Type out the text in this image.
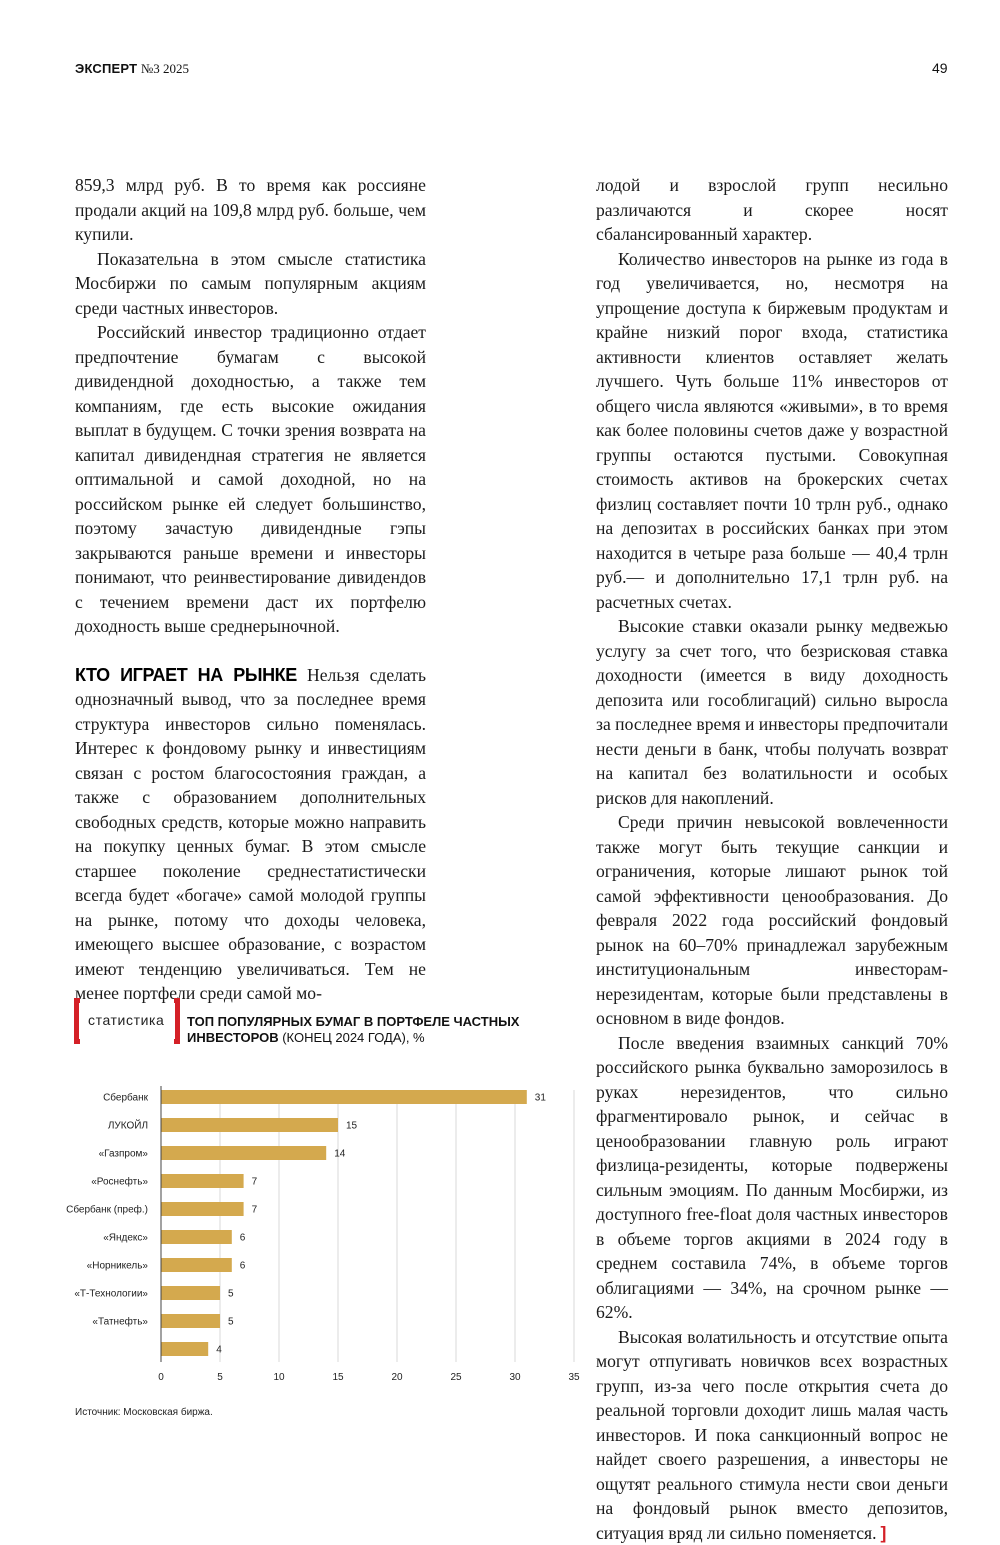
ЭКСПЕРТ №3 2025	49

859,3 млрд руб. В то время как россияне продали акций на 109,8 млрд руб. больше, чем купили.

Показательна в этом смысле статистика Мосбиржи по самым популярным акциям среди частных инвесторов.

Российский инвестор традиционно отдает предпочтение бумагам с высокой дивидендной доходностью, а также тем компаниям, где есть высокие ожидания выплат в будущем. С точки зрения возврата на капитал дивидендная стратегия не является оптимальной и самой доходной, но на российском рынке ей следует большинство, поэтому зачастую дивидендные гэпы закрываются раньше времени и инвесторы понимают, что реинвестирование дивидендов с течением времени даст их портфелю доходность выше среднерыночной.

КТО ИГРАЕТ НА РЫНКЕ Нельзя сделать однозначный вывод, что за последнее время структура инвесторов сильно поменялась. Интерес к фондовому рынку и инвестициям связан с ростом благосостояния граждан, а также с образованием дополнительных свободных средств, которые можно направить на покупку ценных бумаг. В этом смысле старшее поколение среднестатистически всегда будет «богаче» самой молодой группы на рынке, потому что доходы человека, имеющего высшее образование, с возрастом имеют тенденцию увеличиваться. Тем не менее портфели среди самой мо-

лодой и взрослой групп несильно различаются и скорее носят сбалансированный характер.

Количество инвесторов на рынке из года в год увеличивается, но, несмотря на упрощение доступа к биржевым продуктам и крайне низкий порог входа, статистика активности клиентов оставляет желать лучшего. Чуть больше 11% инвесторов от общего числа являются «живыми», в то время как более половины счетов даже у возрастной группы остаются пустыми. Совокупная стоимость активов на брокерских счетах физлиц составляет почти 10 трлн руб., однако на депозитах в российских банках при этом находится в четыре раза больше — 40,4 трлн руб.— и дополнительно 17,1 трлн руб. на расчетных счетах.

Высокие ставки оказали рынку медвежью услугу за счет того, что безрисковая ставка доходности (имеется в виду доходность депозита или гособлигаций) сильно выросла за последнее время и инвесторы предпочитали нести деньги в банк, чтобы получать возврат на капитал без волатильности и особых рисков для накоплений.

Среди причин невысокой вовлеченности также могут быть текущие санкции и ограничения, которые лишают рынок той самой эффективности ценообразования. До февраля 2022 года российский фондовый рынок на 60–70% принадлежал зарубежным институциональным инвесторам-нерезидентам, которые были представлены в основном в виде фондов.

После введения взаимных санкций 70% российского рынка буквально заморозилось в руках нерезидентов, что сильно фрагментировало рынок, и сейчас в ценообразовании главную роль играют физлица-резиденты, которые подвержены сильным эмоциям. По данным Мосбиржи, из доступного free-float доля частных инвесторов в объеме торгов акциями в 2024 году в среднем составила 74%, в объеме торгов облигациями — 34%, на срочном рынке — 62%.

Высокая волатильность и отсутствие опыта могут отпугивать новичков всех возрастных групп, из-за чего после открытия счета до реальной торговли доходит лишь малая часть инвесторов. И пока санкционный вопрос не найдет своего разрешения, а инвесторы не ощутят реального стимула нести свои деньги на фондовый рынок вместо депозитов, ситуация вряд ли сильно поменяется. ]

статистика ТОП ПОПУЛЯРНЫХ БУМАГ В ПОРТФЕЛЕ ЧАСТНЫХ ИНВЕСТОРОВ (КОНЕЦ 2024 ГОДА), %
0	5	10	15	20	25	30	35
Сбербанк	31
ЛУКОЙЛ	15
«Газпром»	14
«Роснефть»	7
Сбербанк (преф.)	7
«Яндекс»	6
«Норникель»	6
«Т-Технологии»	5
«Татнефть»	5
4
Источник: Московская биржа.
